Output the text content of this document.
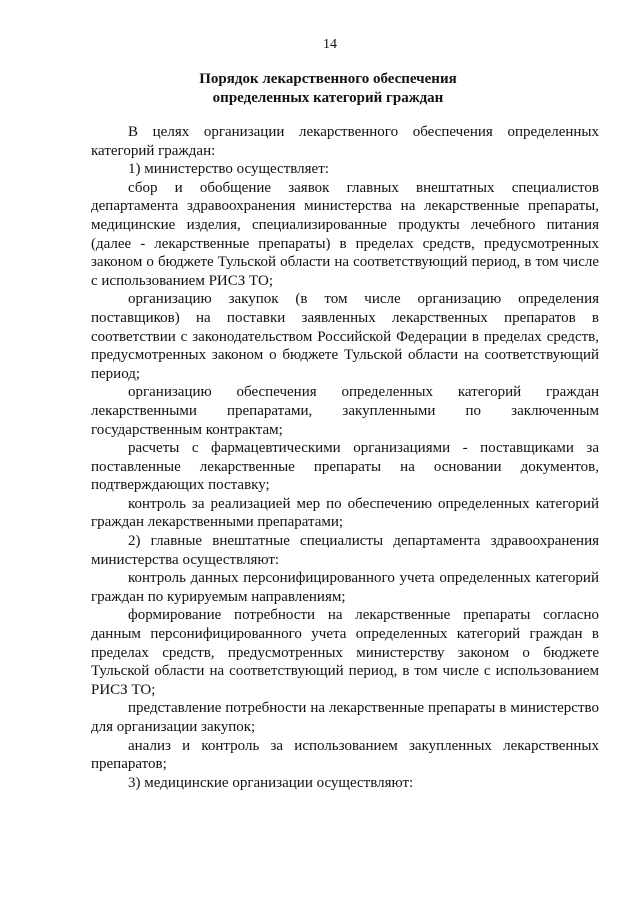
14
Порядок лекарственного обеспечения
определенных категорий граждан

В целях организации лекарственного обеспечения определенных категорий граждан:

1) министерство осуществляет:

сбор и обобщение заявок главных внештатных специалистов департамента здравоохранения министерства на лекарственные препараты, медицинские изделия, специализированные продукты лечебного питания (далее - лекарственные препараты) в пределах средств, предусмотренных законом о бюджете Тульской области на соответствующий период, в том числе с использованием РИСЗ ТО;

организацию закупок (в том числе организацию определения поставщиков) на поставки заявленных лекарственных препаратов в соответствии с законодательством Российской Федерации в пределах средств, предусмотренных законом о бюджете Тульской области на соответствующий период;

организацию обеспечения определенных категорий граждан лекарственными препаратами, закупленными по заключенным государственным контрактам;

расчеты с фармацевтическими организациями - поставщиками за поставленные лекарственные препараты на основании документов, подтверждающих поставку;

контроль за реализацией мер по обеспечению определенных категорий граждан лекарственными препаратами;

2) главные внештатные специалисты департамента здравоохранения министерства осуществляют:

контроль данных персонифицированного учета определенных категорий граждан по курируемым направлениям;

формирование потребности на лекарственные препараты согласно данным персонифицированного учета определенных категорий граждан в пределах средств, предусмотренных министерству законом о бюджете Тульской области на соответствующий период, в том числе с использованием РИСЗ ТО;

представление потребности на лекарственные препараты в министерство для организации закупок;

анализ и контроль за использованием закупленных лекарственных препаратов;

3) медицинские организации осуществляют:
